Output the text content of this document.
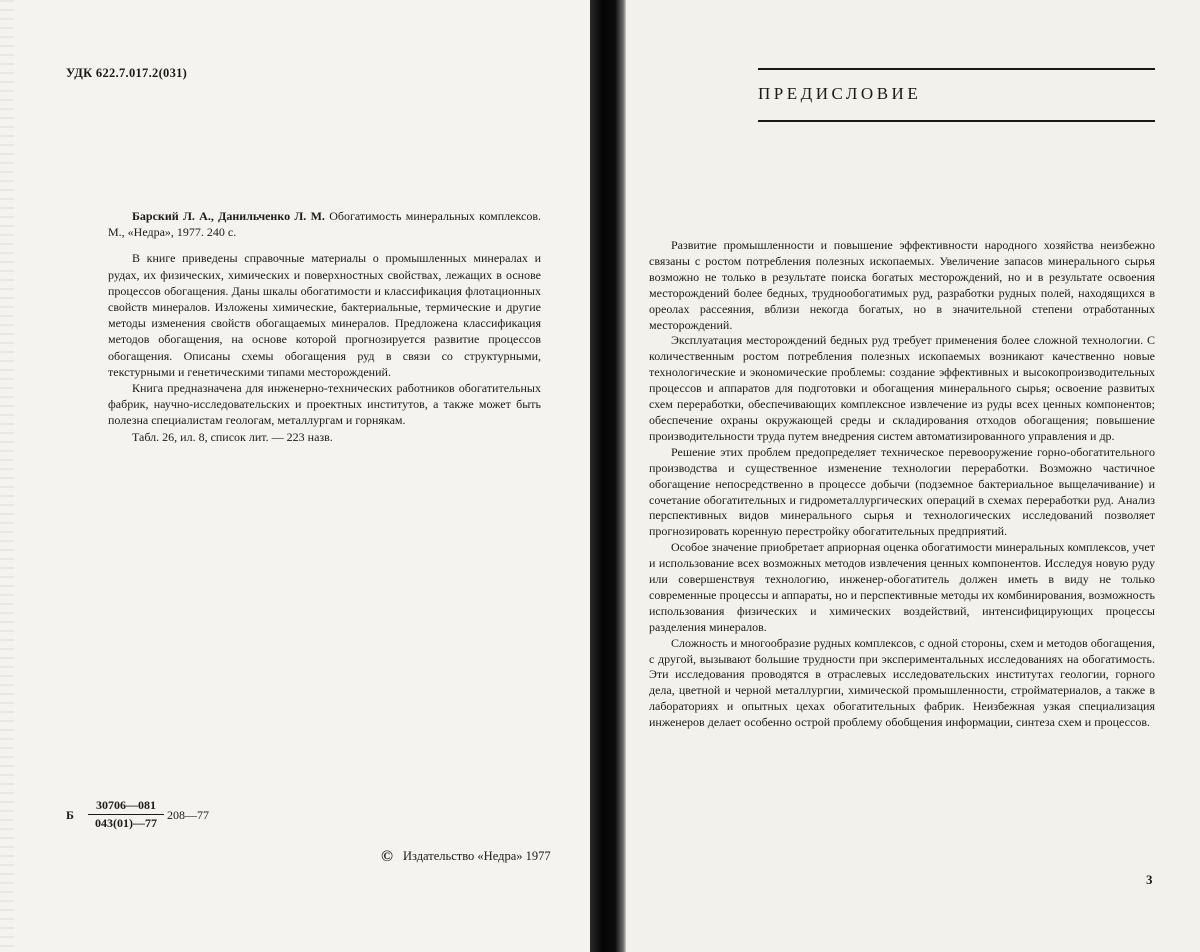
УДК 622.7.017.2(031)

Барский Л. А., Данильченко Л. М. Обогатимость минеральных комплексов. М., «Недра», 1977. 240 с.

В книге приведены справочные материалы о промышленных минералах и рудах, их физических, химических и поверхностных свойствах, лежащих в основе процессов обогащения. Даны шкалы обогатимости и классификация флотационных свойств минералов. Изложены химические, бактериальные, термические и другие методы изменения свойств обогащаемых минералов. Предложена классификация методов обогащения, на основе которой прогнозируется развитие процессов обогащения. Описаны схемы обогащения руд в связи со структурными, текстурными и генетическими типами месторождений.

Книга предназначена для инженерно-технических работников обогатительных фабрик, научно-исследовательских и проектных институтов, а также может быть полезна специалистам геологам, металлургам и горнякам.

Табл. 26, ил. 8, список лит. — 223 назв.

Б $\frac{30706—081}{043(01)—77}$ 208—77
© Издательство «Недра» 1977
ПРЕДИСЛОВИЕ

Развитие промышленности и повышение эффективности народного хозяйства неизбежно связаны с ростом потребления полезных ископаемых. Увеличение запасов минерального сырья возможно не только в результате поиска богатых месторождений, но и в результате освоения месторождений более бедных, труднообогатимых руд, разработки рудных полей, находящихся в ореолах рассеяния, вблизи некогда богатых, но в значительной степени отработанных месторождений.

Эксплуатация месторождений бедных руд требует применения более сложной технологии. С количественным ростом потребления полезных ископаемых возникают качественно новые технологические и экономические проблемы: создание эффективных и высокопроизводительных процессов и аппаратов для подготовки и обогащения минерального сырья; освоение развитых схем переработки, обеспечивающих комплексное извлечение из руды всех ценных компонентов; обеспечение охраны окружающей среды и складирования отходов обогащения; повышение производительности труда путем внедрения систем автоматизированного управления и др.

Решение этих проблем предопределяет техническое перевооружение горно-обогатительного производства и существенное изменение технологии переработки. Возможно частичное обогащение непосредственно в процессе добычи (подземное бактериальное выщелачивание) и сочетание обогатительных и гидрометаллургических операций в схемах переработки руд. Анализ перспективных видов минерального сырья и технологических исследований позволяет прогнозировать коренную перестройку обогатительных предприятий.

Особое значение приобретает априорная оценка обогатимости минеральных комплексов, учет и использование всех возможных методов извлечения ценных компонентов. Исследуя новую руду или совершенствуя технологию, инженер-обогатитель должен иметь в виду не только современные процессы и аппараты, но и перспективные методы их комбинирования, возможность использования физических и химических воздействий, интенсифицирующих процессы разделения минералов.

Сложность и многообразие рудных комплексов, с одной стороны, схем и методов обогащения, с другой, вызывают большие трудности при экспериментальных исследованиях на обогатимость. Эти исследования проводятся в отраслевых исследовательских институтах геологии, горного дела, цветной и черной металлургии, химической промышленности, стройматериалов, а также в лабораториях и опытных цехах обогатительных фабрик. Неизбежная узкая специализация инженеров делает особенно острой проблему обобщения информации, синтеза схем и процессов.

3
